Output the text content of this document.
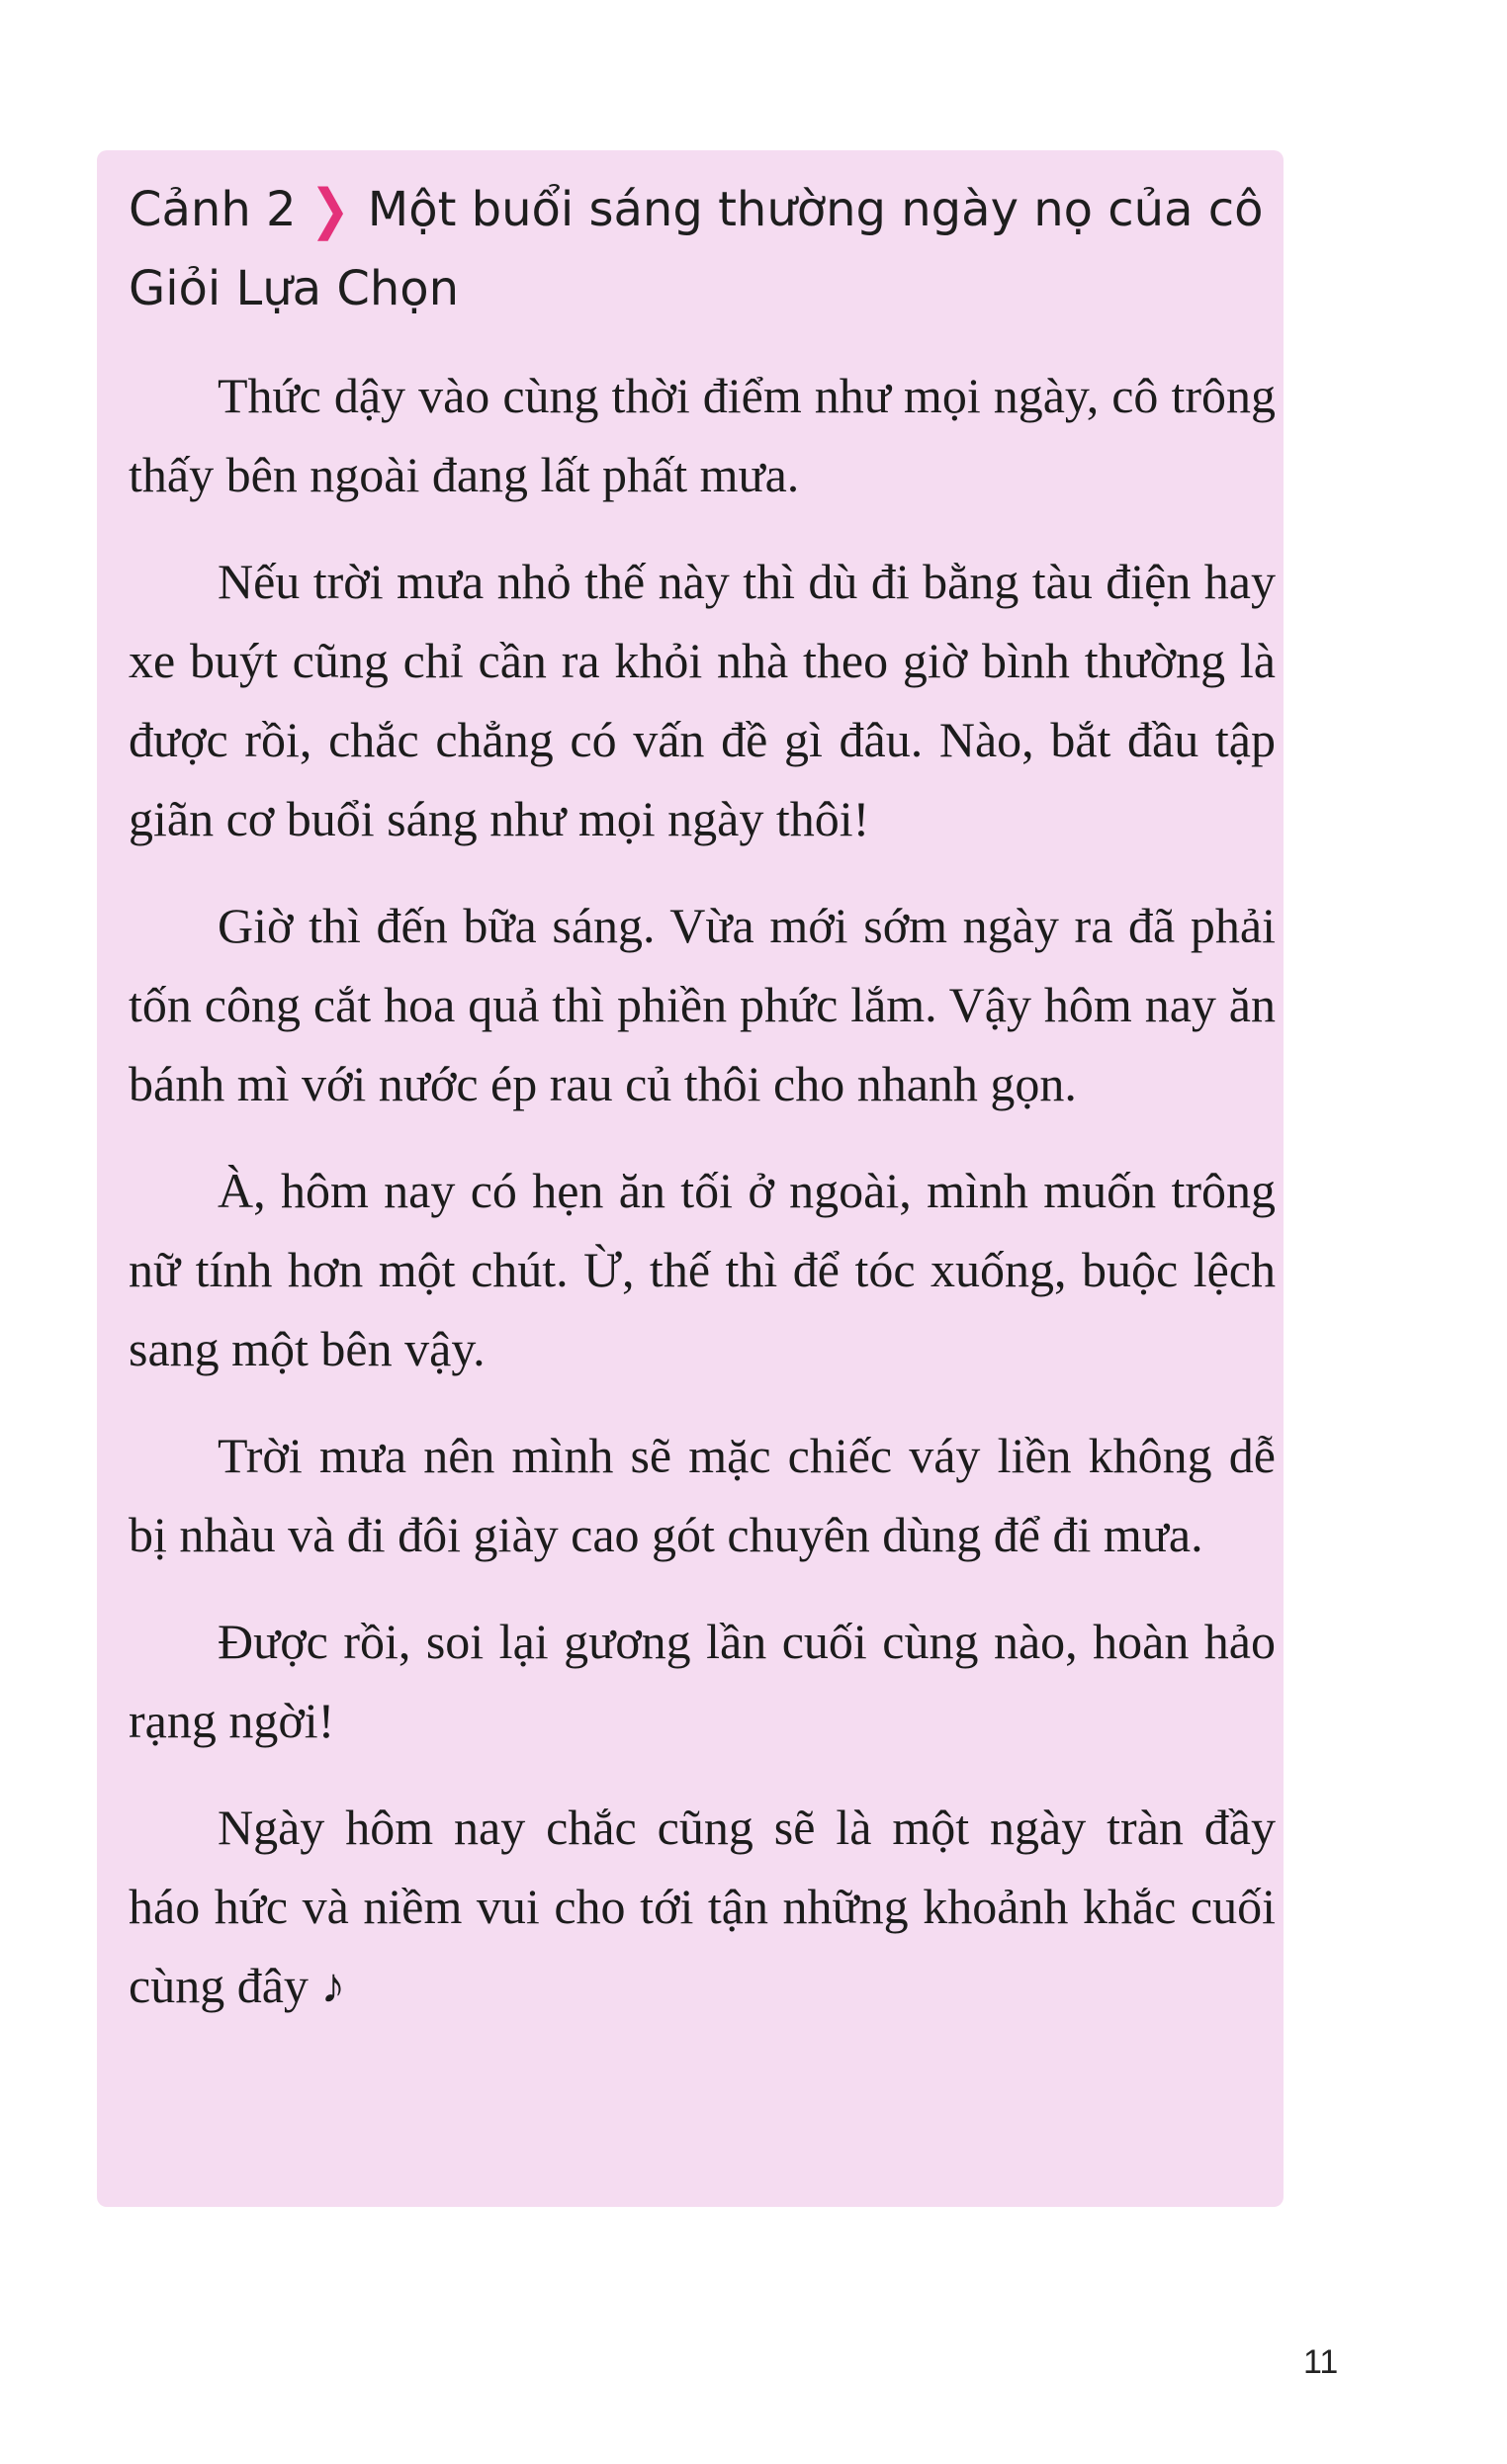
Cảnh 2 ❯ Một buổi sáng thường ngày nọ của cô Giỏi Lựa Chọn

Thức dậy vào cùng thời điểm như mọi ngày, cô trông thấy bên ngoài đang lất phất mưa.

Nếu trời mưa nhỏ thế này thì dù đi bằng tàu điện hay xe buýt cũng chỉ cần ra khỏi nhà theo giờ bình thường là được rồi, chắc chẳng có vấn đề gì đâu. Nào, bắt đầu tập giãn cơ buổi sáng như mọi ngày thôi!

Giờ thì đến bữa sáng. Vừa mới sớm ngày ra đã phải tốn công cắt hoa quả thì phiền phức lắm. Vậy hôm nay ăn bánh mì với nước ép rau củ thôi cho nhanh gọn.

À, hôm nay có hẹn ăn tối ở ngoài, mình muốn trông nữ tính hơn một chút. Ừ, thế thì để tóc xuống, buộc lệch sang một bên vậy.

Trời mưa nên mình sẽ mặc chiếc váy liền không dễ bị nhàu và đi đôi giày cao gót chuyên dùng để đi mưa.

Được rồi, soi lại gương lần cuối cùng nào, hoàn hảo rạng ngời!

Ngày hôm nay chắc cũng sẽ là một ngày tràn đầy háo hức và niềm vui cho tới tận những khoảnh khắc cuối cùng đây ♪

11
